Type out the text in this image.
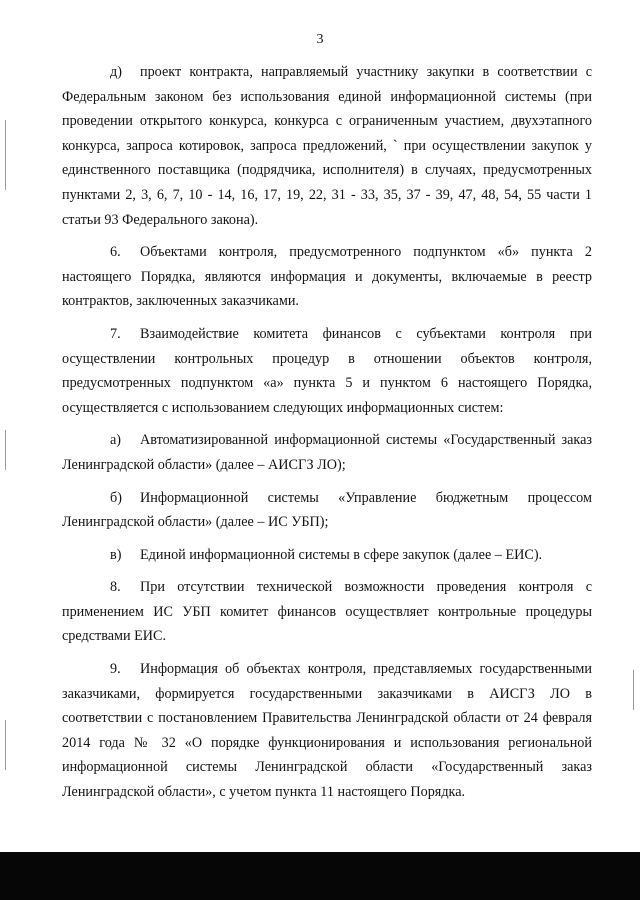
3

д) проект контракта, направляемый участнику закупки в соответствии с Федеральным законом без использования единой информационной системы (при проведении открытого конкурса, конкурса с ограниченным участием, двухэтапного конкурса, запроса котировок, запроса предложений, ` при осуществлении закупок у единственного поставщика (подрядчика, исполнителя) в случаях, предусмотренных пунктами 2, 3, 6, 7, 10 - 14, 16, 17, 19, 22, 31 - 33, 35, 37 - 39, 47, 48, 54, 55 части 1 статьи 93 Федерального закона).

6. Объектами контроля, предусмотренного подпунктом «б» пункта 2 настоящего Порядка, являются информация и документы, включаемые в реестр контрактов, заключенных заказчиками.

7. Взаимодействие комитета финансов с субъектами контроля при осуществлении контрольных процедур в отношении объектов контроля, предусмотренных подпунктом «а» пункта 5 и пунктом 6 настоящего Порядка, осуществляется с использованием следующих информационных систем:

а) Автоматизированной информационной системы «Государственный заказ Ленинградской области» (далее – АИСГЗ ЛО);

б) Информационной системы «Управление бюджетным процессом Ленинградской области» (далее – ИС УБП);

в) Единой информационной системы в сфере закупок (далее – ЕИС).

8. При отсутствии технической возможности проведения контроля с применением ИС УБП комитет финансов осуществляет контрольные процедуры средствами ЕИС.

9. Информация об объектах контроля, представляемых государственными заказчиками, формируется государственными заказчиками в АИСГЗ ЛО в соответствии с постановлением Правительства Ленинградской области от 24 февраля 2014 года № 32 «О порядке функционирования и использования региональной информационной системы Ленинградской области «Государственный заказ Ленинградской области», с учетом пункта 11 настоящего Порядка.
